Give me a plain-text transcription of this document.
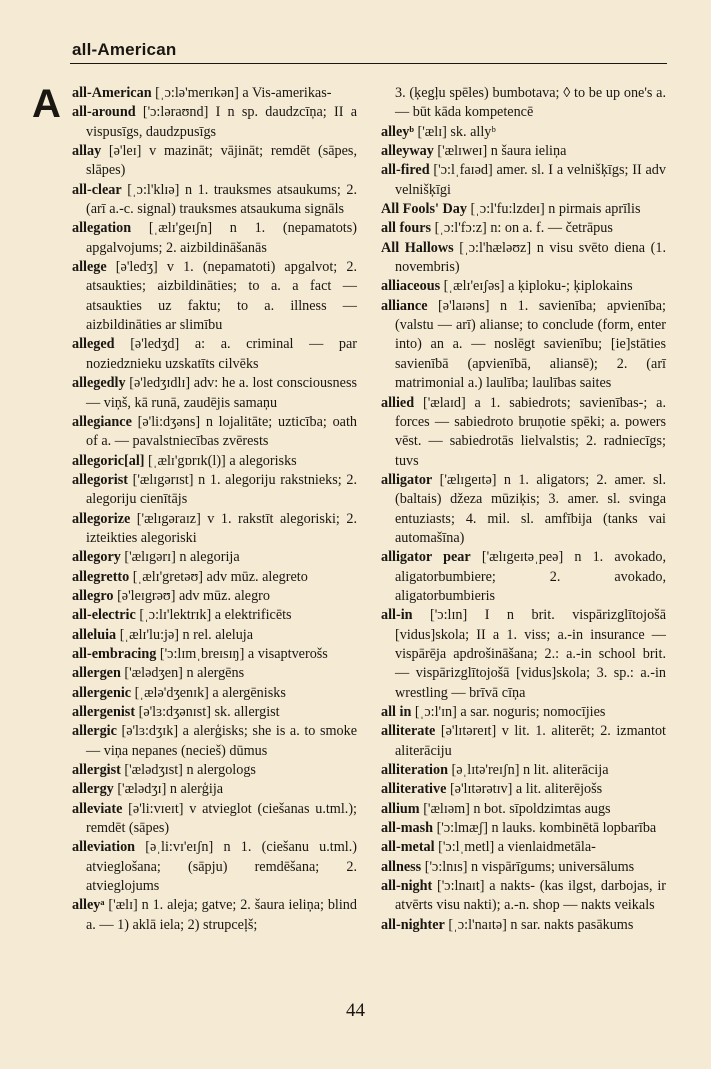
all-American
A all-American [ˌɔ:lə'merɪkən] a Vis-amerikas-

all-around ['ɔ:ləraʊnd] I n sp. daudzcīņa; II a vispusīgs, daudzpusīgs

allay [ə'leɪ] v mazināt; vājināt; remdēt (sāpes, slāpes)

all-clear [ˌɔ:l'klɪə] n 1. trauksmes atsaukums; 2. (arī a.-c. signal) trauksmes atsaukuma signāls

allegation [ˌælɪ'geɪʃn] n 1. (nepamatots) apgalvojums; 2. aizbildināšanās

allege [ə'ledʒ] v 1. (nepamatoti) apgalvot; 2. atsaukties; aizbildināties; to a. a fact — atsaukties uz faktu; to a. illness — aizbildināties ar slimību

alleged [ə'ledʒd] a: a. criminal — par noziedznieku uzskatīts cilvēks

allegedly [ə'ledʒɪdlɪ] adv: he a. lost consciousness — viņš, kā runā, zaudējis samaņu

allegiance [ə'li:dʒəns] n lojalitāte; uzticība; oath of a. — pavalstniecības zvērests

allegoric[al] [ˌælɪ'gɒrɪk(l)] a alegorisks

allegorist ['ælɪgərɪst] n 1. alegoriju rakstnieks; 2. alegoriju cienītājs

allegorize ['ælɪgəraɪz] v 1. rakstīt alegoriski; 2. izteikties alegoriski

allegory ['ælɪgərɪ] n alegorija

allegretto [ˌælɪ'gretəʊ] adv mūz. alegreto

allegro [ə'leɪgrəʊ] adv mūz. alegro

all-electric [ˌɔ:lɪ'lektrɪk] a elektrificēts

alleluia [ˌælɪ'lu:jə] n rel. aleluja

all-embracing ['ɔ:lɪmˌbreɪsɪŋ] a visaptverošs

allergen ['ælədʒen] n alergēns

allergenic [ˌælə'dʒenɪk] a alergēnisks

allergenist [ə'lɜ:dʒənɪst] sk. allergist

allergic [ə'lɜ:dʒɪk] a alerģisks; she is a. to smoke — viņa nepanes (necieš) dūmus

allergist ['ælədʒɪst] n alergologs

allergy ['ælədʒɪ] n alerģija

alleviate [ə'li:vɪeɪt] v atvieglot (ciešanas u.tml.); remdēt (sāpes)

alleviation [əˌli:vɪ'eɪʃn] n 1. (ciešanu u.tml.) atvieglošana; (sāpju) remdēšana; 2. atvieglojums

alleyᵃ ['ælɪ] n 1. aleja; gatve; 2. šaura ieliņa; blind a. — 1) aklā iela; 2) strupceļš;

3. (ķegļu spēles) bumbotava; ◊ to be up one's a. — būt kāda kompetencē

alleyᵇ ['ælɪ] sk. allyᵇ

alleyway ['ælɪweɪ] n šaura ieliņa

all-fired ['ɔ:lˌfaɪəd] amer. sl. I a velnišķīgs; II adv velnišķīgi

All Fools' Day [ˌɔ:l'fu:lzdeɪ] n pirmais aprīlis

all fours [ˌɔ:l'fɔ:z] n: on a. f. — četrāpus

All Hallows [ˌɔ:l'hæləʊz] n visu svēto diena (1. novembris)

alliaceous [ˌælɪ'eɪʃəs] a ķiploku-; ķiplokains

alliance [ə'laɪəns] n 1. savienība; apvienība; (valstu — arī) alianse; to conclude (form, enter into) an a. — noslēgt savienību; [ie]stāties savienībā (apvienībā, aliansē); 2. (arī matrimonial a.) laulība; laulības saites

allied ['ælaɪd] a 1. sabiedrots; savienības-; a. forces — sabiedroto bruņotie spēki; a. powers vēst. — sabiedrotās lielvalstis; 2. radniecīgs; tuvs

alligator ['ælɪgeɪtə] n 1. aligators; 2. amer. sl. (baltais) džeza mūziķis; 3. amer. sl. svinga entuziasts; 4. mil. sl. amfībija (tanks vai automašīna)

alligator pear ['ælɪgeɪtəˌpeə] n 1. avokado, aligatorbumbiere; 2. avokado, aligatorbumbieris

all-in ['ɔ:lɪn] I n brit. vispārizglītojošā [vidus]skola; II a 1. viss; a.-in insurance — vispārēja apdrošināšana; 2.: a.-in school brit. — vispārizglītojošā [vidus]skola; 3. sp.: a.-in wrestling — brīvā cīņa

all in [ˌɔ:l'ɪn] a sar. noguris; nomocījies

alliterate [ə'lɪtəreɪt] v lit. 1. aliterēt; 2. izmantot aliterāciju

alliteration [əˌlɪtə'reɪʃn] n lit. aliterācija

alliterative [ə'lɪtərətɪv] a lit. aliterējošs

allium ['ælɪəm] n bot. sīpoldzimtas augs

all-mash ['ɔ:lmæʃ] n lauks. kombinētā lopbarība

all-metal ['ɔ:lˌmetl] a vienlaidmetāla-

allness ['ɔ:lnɪs] n vispārīgums; universālums

all-night ['ɔ:lnaɪt] a nakts- (kas ilgst, darbojas, ir atvērts visu nakti); a.-n. shop — nakts veikals

all-nighter [ˌɔ:l'naɪtə] n sar. nakts pasākums

44
